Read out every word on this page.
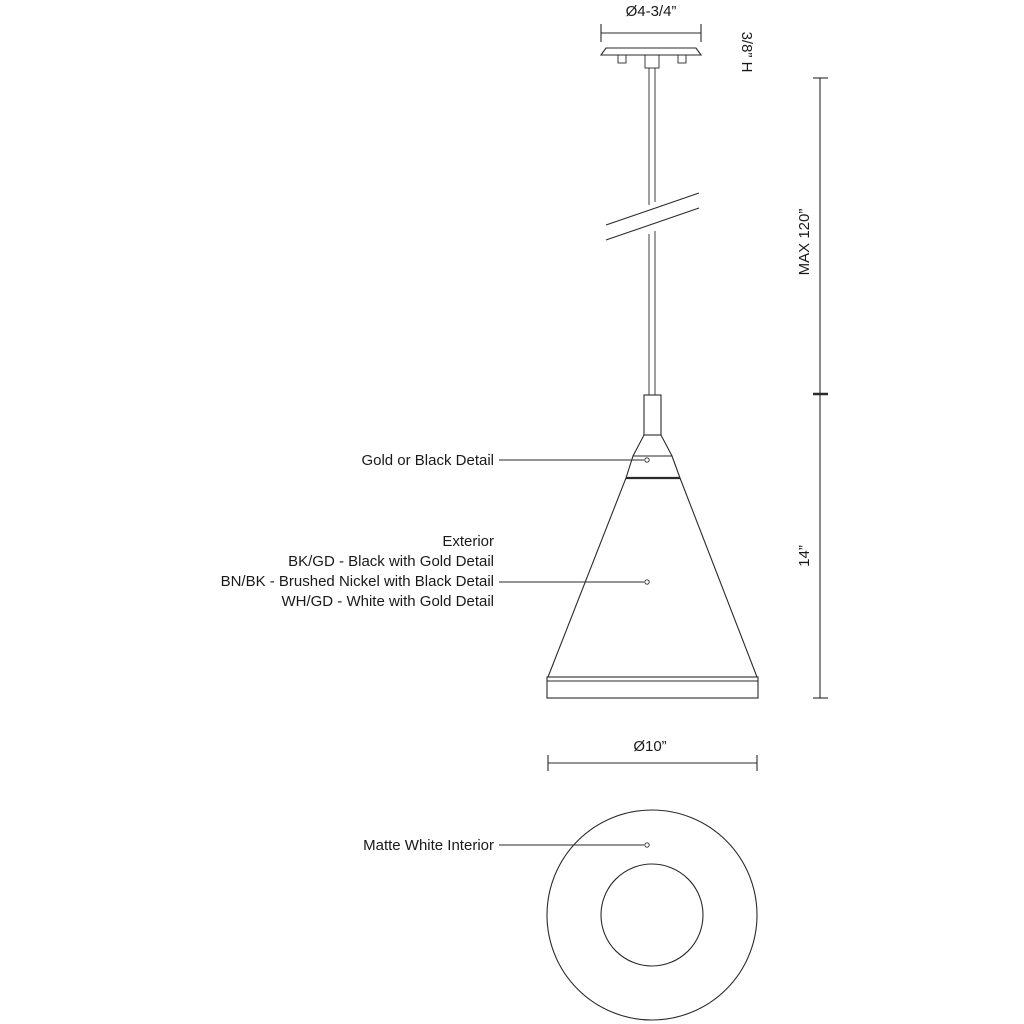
Ø4-3/4”
3/8” H
MAX 120”
14”
Gold or Black Detail
Exterior
BK/GD - Black with Gold Detail
BN/BK - Brushed Nickel with Black Detail
WH/GD - White with Gold Detail
Ø10”
Matte White Interior
